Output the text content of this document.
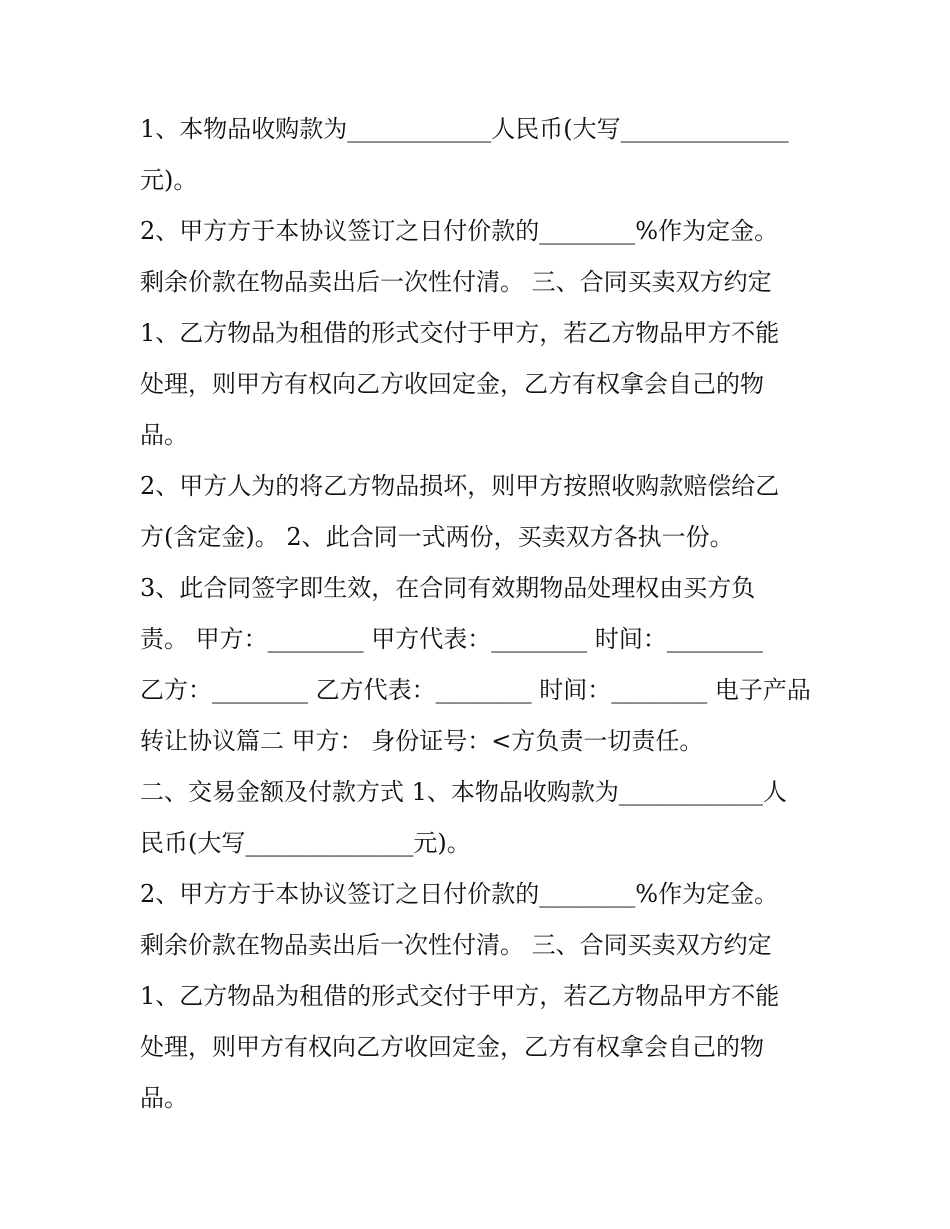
1、本物品收购款为____________人民币(大写______________
元)。
2、甲方方于本协议签订之日付价款的________%作为定金。
剩余价款在物品卖出后一次性付清。 三、合同买卖双方约定
1、乙方物品为租借的形式交付于甲方，若乙方物品甲方不能
处理，则甲方有权向乙方收回定金，乙方有权拿会自己的物
品。
2、甲方人为的将乙方物品损坏，则甲方按照收购款赔偿给乙
方(含定金)。 2、此合同一式两份，买卖双方各执一份。
3、此合同签字即生效，在合同有效期物品处理权由买方负
责。 甲方：________ 甲方代表：________ 时间：________
乙方：________ 乙方代表：________ 时间：________ 电子产品
转让协议篇二 甲方： 身份证号：<方负责一切责任。
二、交易金额及付款方式 1、本物品收购款为____________人
民币(大写______________元)。
2、甲方方于本协议签订之日付价款的________%作为定金。
剩余价款在物品卖出后一次性付清。 三、合同买卖双方约定
1、乙方物品为租借的形式交付于甲方，若乙方物品甲方不能
处理，则甲方有权向乙方收回定金，乙方有权拿会自己的物
品。
